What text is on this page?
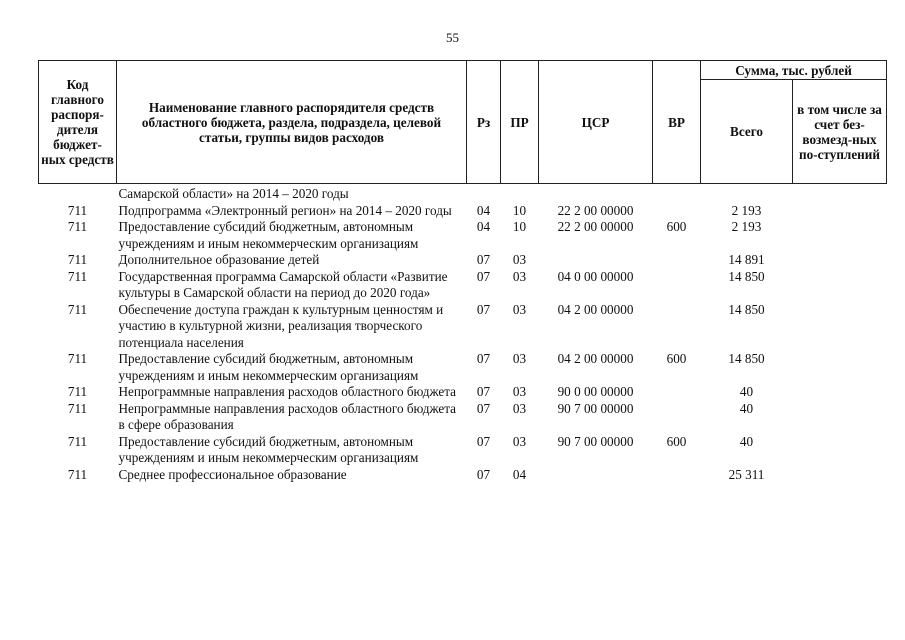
55
Код главного распоря-дителя бюджет-ных средств	Наименование главного распорядителя средств областного бюджета, раздела, подраздела, целевой статьи, группы видов расходов	Рз	ПР	ЦСР	ВР	Сумма, тыс. рублей	
						Всего	в том числе за счет без-возмезд-ных по-ступлений
	Самарской области» на 2014 – 2020 годы						
711	Подпрограмма «Электронный регион» на 2014 – 2020 годы	04	10	22 2 00 00000		2 193	
711	Предоставление субсидий бюджетным, автономным учреждениям и иным некоммерческим организациям	04	10	22 2 00 00000	600	2 193	
711	Дополнительное образование детей	07	03			14 891	
711	Государственная программа Самарской области «Развитие культуры в Самарской области на период до 2020 года»	07	03	04 0 00 00000		14 850	
711	Обеспечение доступа граждан к культурным ценностям и участию в культурной жизни, реализация творческого потенциала населения	07	03	04 2 00 00000		14 850	
711	Предоставление субсидий бюджетным, автономным учреждениям и иным некоммерческим организациям	07	03	04 2 00 00000	600	14 850	
711	Непрограммные направления расходов областного бюджета	07	03	90 0 00 00000		40	
711	Непрограммные направления расходов областного бюджета в сфере образования	07	03	90 7 00 00000		40	
711	Предоставление субсидий бюджетным, автономным учреждениям и иным некоммерческим организациям	07	03	90 7 00 00000	600	40	
711	Среднее профессиональное образование	07	04			25 311	
